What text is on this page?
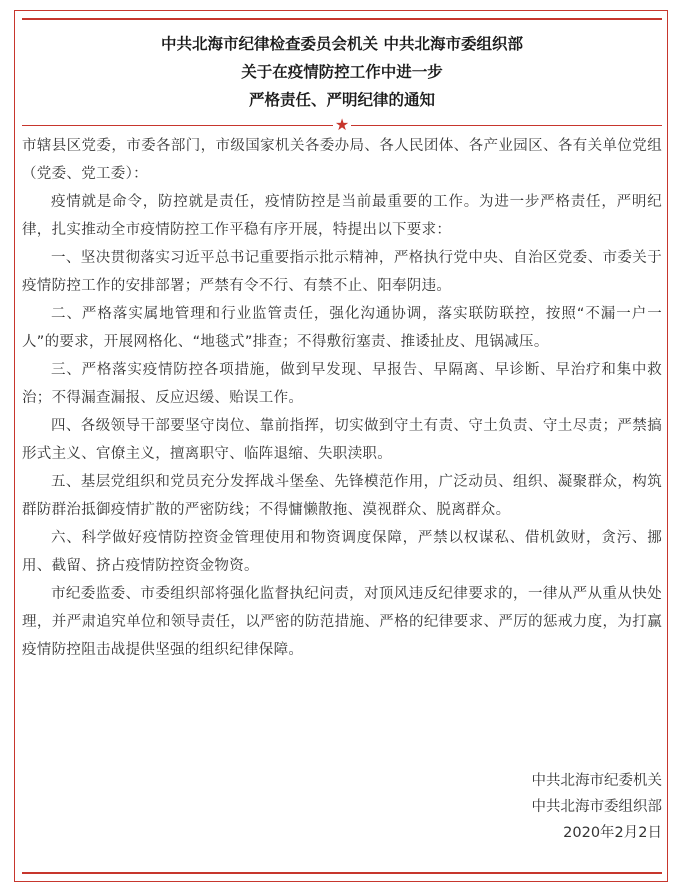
中共北海市纪律检查委员会机关 中共北海市委组织部
关于在疫情防控工作中进一步
严格责任、严明纪律的通知
★

市辖县区党委，市委各部门，市级国家机关各委办局、各人民团体、各产业园区、各有关单位党组（党委、党工委）：

疫情就是命令，防控就是责任，疫情防控是当前最重要的工作。为进一步严格责任，严明纪律，扎实推动全市疫情防控工作平稳有序开展，特提出以下要求：

一、坚决贯彻落实习近平总书记重要指示批示精神，严格执行党中央、自治区党委、市委关于疫情防控工作的安排部署；严禁有令不行、有禁不止、阳奉阴违。

二、严格落实属地管理和行业监管责任，强化沟通协调，落实联防联控，按照“不漏一户一人”的要求，开展网格化、“地毯式”排查；不得敷衍塞责、推诿扯皮、甩锅减压。

三、严格落实疫情防控各项措施，做到早发现、早报告、早隔离、早诊断、早治疗和集中救治；不得漏查漏报、反应迟缓、贻误工作。

四、各级领导干部要坚守岗位、靠前指挥，切实做到守土有责、守土负责、守土尽责；严禁搞形式主义、官僚主义，擅离职守、临阵退缩、失职渎职。

五、基层党组织和党员充分发挥战斗堡垒、先锋模范作用，广泛动员、组织、凝聚群众，构筑群防群治抵御疫情扩散的严密防线；不得慵懒散拖、漠视群众、脱离群众。

六、科学做好疫情防控资金管理使用和物资调度保障，严禁以权谋私、借机敛财，贪污、挪用、截留、挤占疫情防控资金物资。

市纪委监委、市委组织部将强化监督执纪问责，对顶风违反纪律要求的，一律从严从重从快处理，并严肃追究单位和领导责任，以严密的防范措施、严格的纪律要求、严厉的惩戒力度，为打赢疫情防控阻击战提供坚强的组织纪律保障。

中共北海市纪委机关
中共北海市委组织部
2020年2月2日
